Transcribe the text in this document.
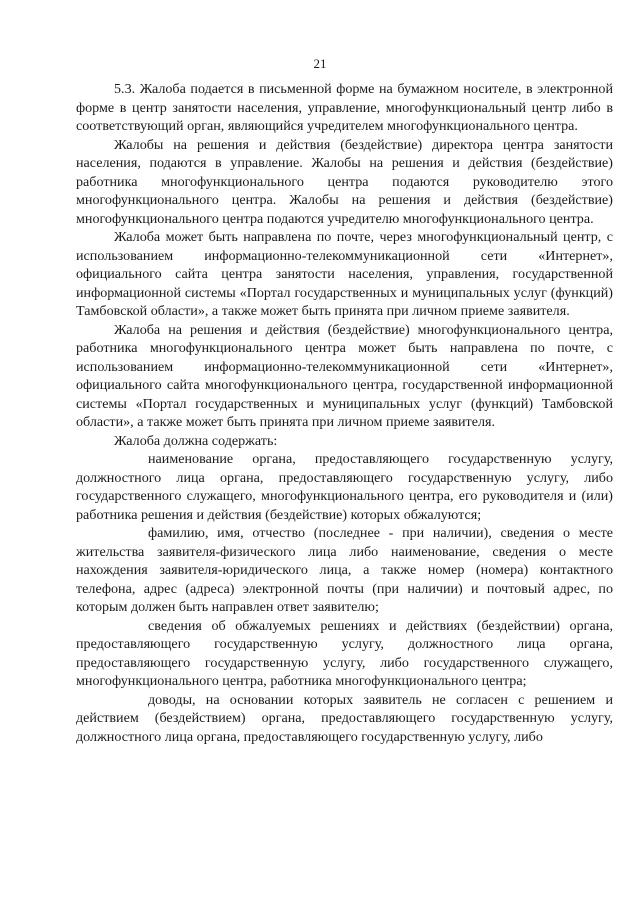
21

5.3. Жалоба подается в письменной форме на бумажном носителе, в электронной форме в центр занятости населения, управление, многофункциональный центр либо в соответствующий орган, являющийся учредителем многофункционального центра.

Жалобы на решения и действия (бездействие) директора центра занятости населения, подаются в управление. Жалобы на решения и действия (бездействие) работника многофункционального центра подаются руководителю этого многофункционального центра. Жалобы на решения и действия (бездействие) многофункционального центра подаются учредителю многофункционального центра.

Жалоба может быть направлена по почте, через многофункциональный центр, с использованием информационно-телекоммуникационной сети «Интернет», официального сайта центра занятости населения, управления, государственной информационной системы «Портал государственных и муниципальных услуг (функций) Тамбовской области», а также может быть принята при личном приеме заявителя.

Жалоба на решения и действия (бездействие) многофункционального центра, работника многофункционального центра может быть направлена по почте, с использованием информационно-телекоммуникационной сети «Интернет», официального сайта многофункционального центра, государственной информационной системы «Портал государственных и муниципальных услуг (функций) Тамбовской области», а также может быть принята при личном приеме заявителя.

Жалоба должна содержать:

наименование органа, предоставляющего государственную услугу, должностного лица органа, предоставляющего государственную услугу, либо государственного служащего, многофункционального центра, его руководителя и (или) работника решения и действия (бездействие) которых обжалуются;

фамилию, имя, отчество (последнее - при наличии), сведения о месте жительства заявителя-физического лица либо наименование, сведения о месте нахождения заявителя-юридического лица, а также номер (номера) контактного телефона, адрес (адреса) электронной почты (при наличии) и почтовый адрес, по которым должен быть направлен ответ заявителю;

сведения об обжалуемых решениях и действиях (бездействии) органа, предоставляющего государственную услугу, должностного лица органа, предоставляющего государственную услугу, либо государственного служащего, многофункционального центра, работника многофункционального центра;

доводы, на основании которых заявитель не согласен с решением и действием (бездействием) органа, предоставляющего государственную услугу, должностного лица органа, предоставляющего государственную услугу, либо
